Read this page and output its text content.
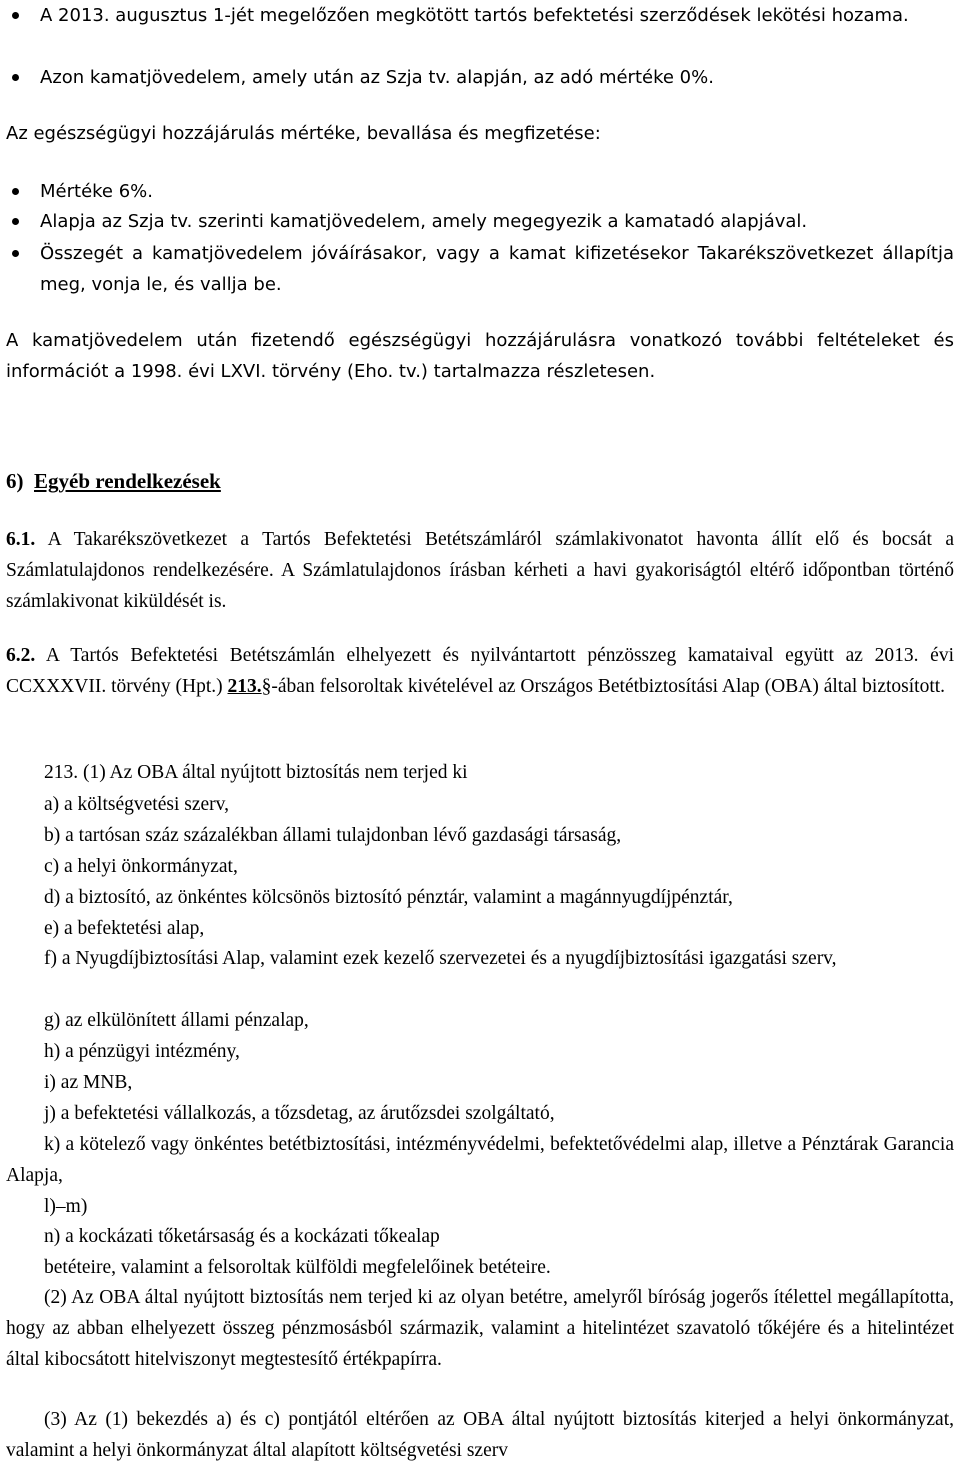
A 2013. augusztus 1-jét megelőzően megkötött tartós befektetési szerződések lekötési hozama.

Azon kamatjövedelem, amely után az Szja tv. alapján, az adó mértéke 0%.

Az egészségügyi hozzájárulás mértéke, bevallása és megfizetése:

Mértéke 6%.

Alapja az Szja tv. szerinti kamatjövedelem, amely megegyezik a kamatadó alapjával.

Összegét a kamatjövedelem jóváírásakor, vagy a kamat kifizetésekor Takarékszövetkezet állapítja meg, vonja le, és vallja be.

A kamatjövedelem után fizetendő egészségügyi hozzájárulásra vonatkozó további feltételeket és információt a 1998. évi LXVI. törvény (Eho. tv.) tartalmazza részletesen.

6) Egyéb rendelkezések

6.1. A Takarékszövetkezet a Tartós Befektetési Betétszámláról számlakivonatot havonta állít elő és bocsát a Számlatulajdonos rendelkezésére. A Számlatulajdonos írásban kérheti a havi gyakoriságtól eltérő időpontban történő számlakivonat kiküldését is.

6.2. A Tartós Befektetési Betétszámlán elhelyezett és nyilvántartott pénzösszeg kamataival együtt az 2013. évi CCXXXVII. törvény (Hpt.) 213.§-ában felsoroltak kivételével az Országos Betétbiztosítási Alap (OBA) által biztosított.

213. (1) Az OBA által nyújtott biztosítás nem terjed ki

a) a költségvetési szerv,

b) a tartósan száz százalékban állami tulajdonban lévő gazdasági társaság,

c) a helyi önkormányzat,

d) a biztosító, az önkéntes kölcsönös biztosító pénztár, valamint a magánnyugdíjpénztár,

e) a befektetési alap,

f) a Nyugdíjbiztosítási Alap, valamint ezek kezelő szervezetei és a nyugdíjbiztosítási igazgatási szerv,

g) az elkülönített állami pénzalap,

h) a pénzügyi intézmény,

i) az MNB,

j) a befektetési vállalkozás, a tőzsdetag, az árutőzsdei szolgáltató,

k) a kötelező vagy önkéntes betétbiztosítási, intézményvédelmi, befektetővédelmi alap, illetve a Pénztárak Garancia Alapja,

l)–m)

n) a kockázati tőketársaság és a kockázati tőkealap

betéteire, valamint a felsoroltak külföldi megfelelőinek betéteire.

(2) Az OBA által nyújtott biztosítás nem terjed ki az olyan betétre, amelyről bíróság jogerős ítélettel megállapította, hogy az abban elhelyezett összeg pénzmosásból származik, valamint a hitelintézet szavatoló tőkéjére és a hitelintézet által kibocsátott hitelviszonyt megtestesítő értékpapírra.

(3) Az (1) bekezdés a) és c) pontjától eltérően az OBA által nyújtott biztosítás kiterjed a helyi önkormányzat, valamint a helyi önkormányzat által alapított költségvetési szerv
